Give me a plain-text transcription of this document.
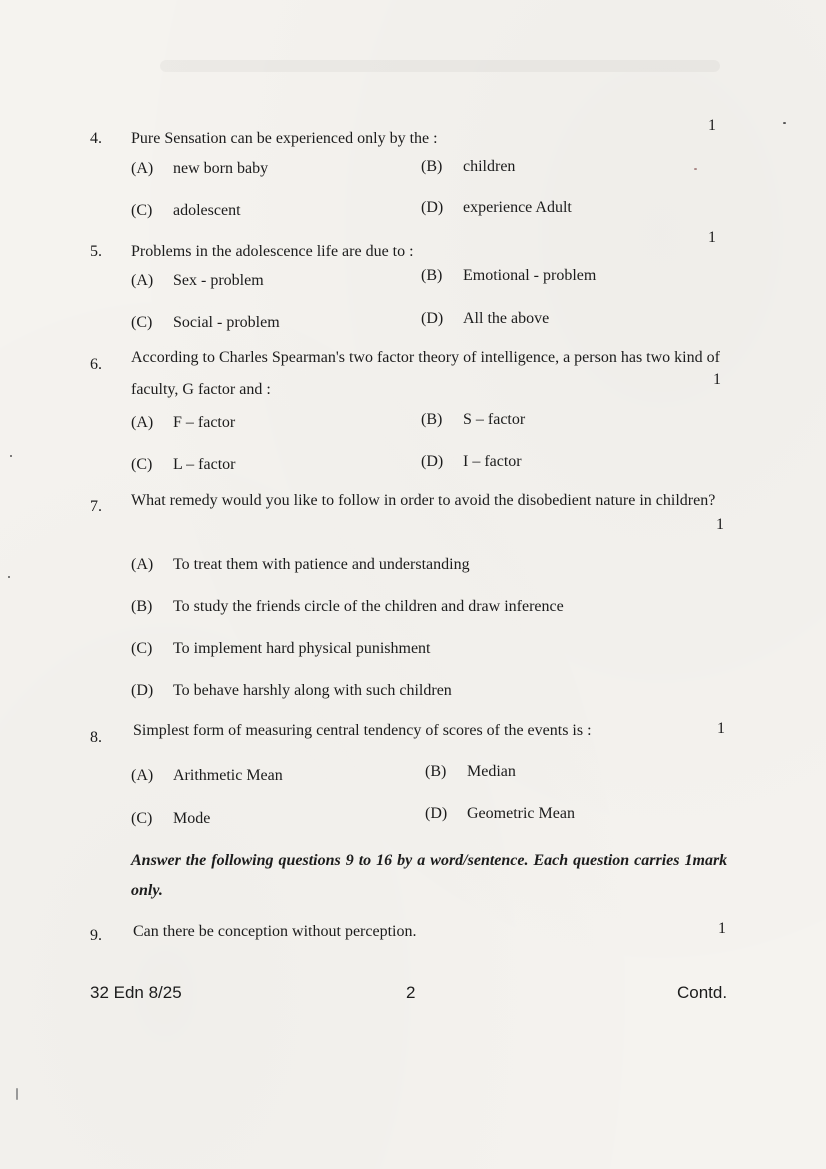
4. Pure Sensation can be experienced only by the :
1
(A) new born baby	(B) children
(C) adolescent	(D) experience Adult
5. Problems in the adolescence life are due to :
1
(A) Sex - problem	(B) Emotional - problem
(C) Social - problem	(D) All the above
6. According to Charles Spearman's two factor theory of intelligence, a person has two kind of faculty, G factor and :
1
(A) F – factor	(B) S – factor
(C) L – factor	(D) I – factor
7. What remedy would you like to follow in order to avoid the disobedient nature in children?
1
(A) To treat them with patience and understanding
(B) To study the friends circle of the children and draw inference
(C) To implement hard physical punishment
(D) To behave harshly along with such children
8. Simplest form of measuring central tendency of scores of the events is :	1
(A) Arithmetic Mean	(B) Median
(C) Mode	(D) Geometric Mean
Answer the following questions 9 to 16 by a word/sentence. Each question carries 1mark only.
9. Can there be conception without perception.	1
32 Edn 8/25	2	Contd.
